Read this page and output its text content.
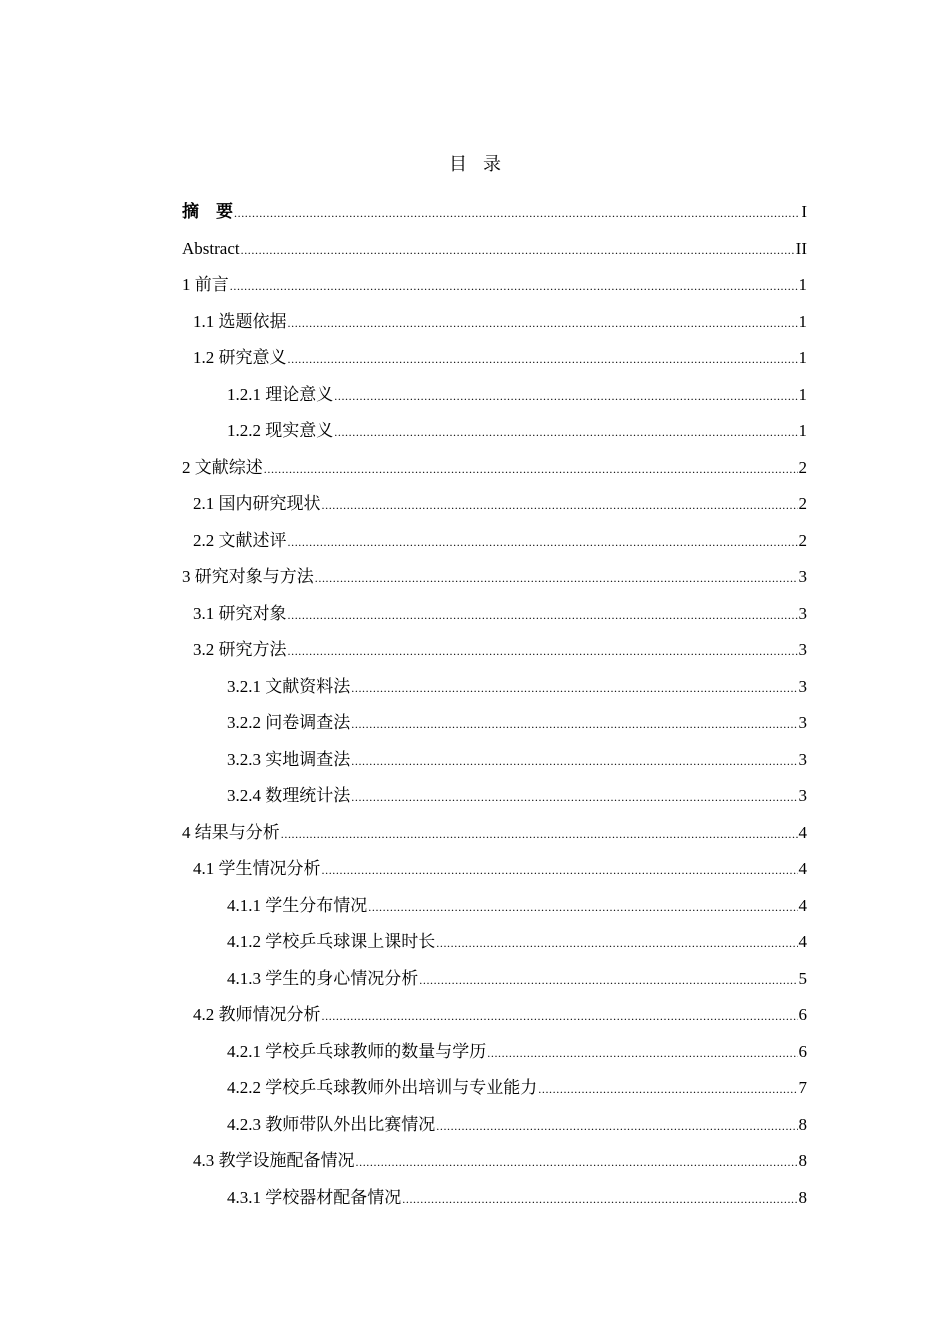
目 录
摘　要 .....	I
Abstract .....	II
1 前言 .....	1
1.1 选题依据 .....	1
1.2 研究意义 .....	1
1.2.1 理论意义 .....	1
1.2.2 现实意义 .....	1
2 文献综述 .....	2
2.1 国内研究现状 .....	2
2.2 文献述评 .....	2
3 研究对象与方法 .....	3
3.1 研究对象 .....	3
3.2 研究方法 .....	3
3.2.1 文献资料法 .....	3
3.2.2 问卷调查法 .....	3
3.2.3 实地调查法 .....	3
3.2.4 数理统计法 .....	3
4 结果与分析 .....	4
4.1 学生情况分析 .....	4
4.1.1 学生分布情况 .....	4
4.1.2 学校乒乓球课上课时长 .....	4
4.1.3 学生的身心情况分析 .....	5
4.2 教师情况分析 .....	6
4.2.1 学校乒乓球教师的数量与学历 .....	6
4.2.2 学校乒乓球教师外出培训与专业能力 .....	7
4.2.3 教师带队外出比赛情况 .....	8
4.3 教学设施配备情况 .....	8
4.3.1 学校器材配备情况 .....	8
